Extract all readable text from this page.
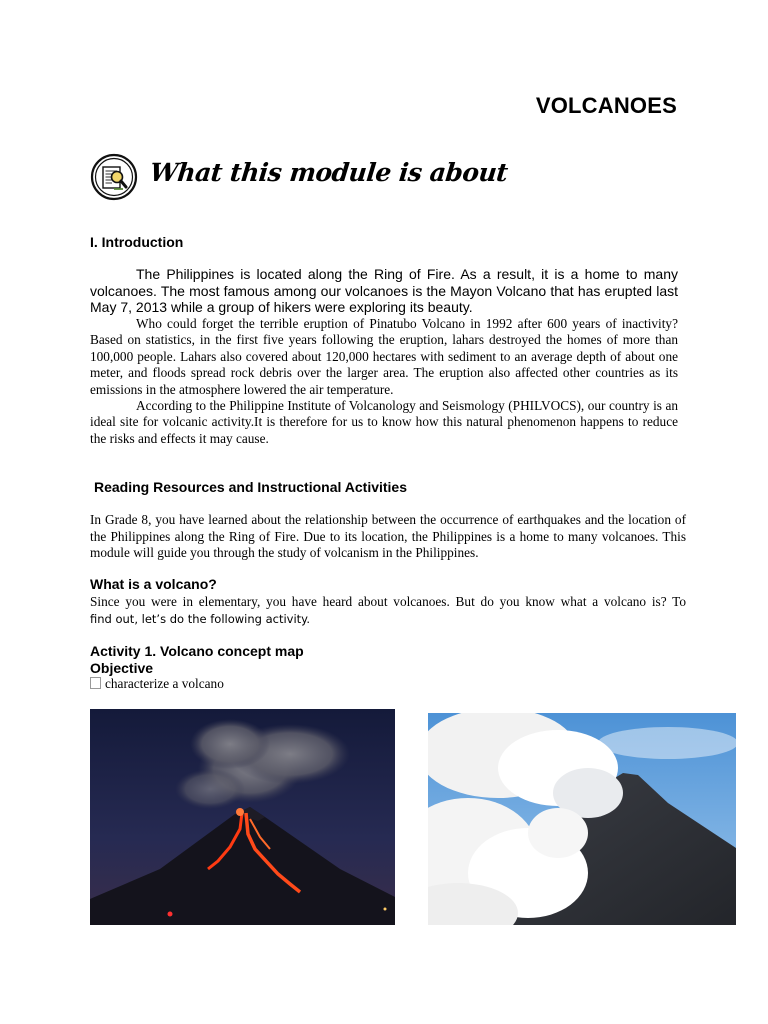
VOLCANOES
What this module is about
I. Introduction
The Philippines is located along the Ring of Fire. As a result, it is a home to many volcanoes. The most famous among our volcanoes is the Mayon Volcano that has erupted last May 7, 2013 while a group of hikers were exploring its beauty.
Who could forget the terrible eruption of Pinatubo Volcano in 1992 after 600 years of inactivity? Based on statistics, in the first five years following the eruption, lahars destroyed the homes of more than 100,000 people. Lahars also covered about 120,000 hectares with sediment to an average depth of about one meter, and floods spread rock debris over the larger area. The eruption also affected other countries as its emissions in the atmosphere lowered the air temperature.
According to the Philippine Institute of Volcanology and Seismology (PHILVOCS), our country is an ideal site for volcanic activity.It is therefore for us to know how this natural phenomenon happens to reduce the risks and effects it may cause.
Reading Resources and Instructional Activities
In Grade 8, you have learned about the relationship between the occurrence of earthquakes and the location of the Philippines along the Ring of Fire. Due to its location, the Philippines is a home to many volcanoes. This module will guide you through the study of volcanism in the Philippines.
What is a volcano?
Since you were in elementary, you have heard about volcanoes. But do you know what a volcano is? To
find out, let’s do the following activity.
Activity 1. Volcano concept map
Objective
characterize a volcano
